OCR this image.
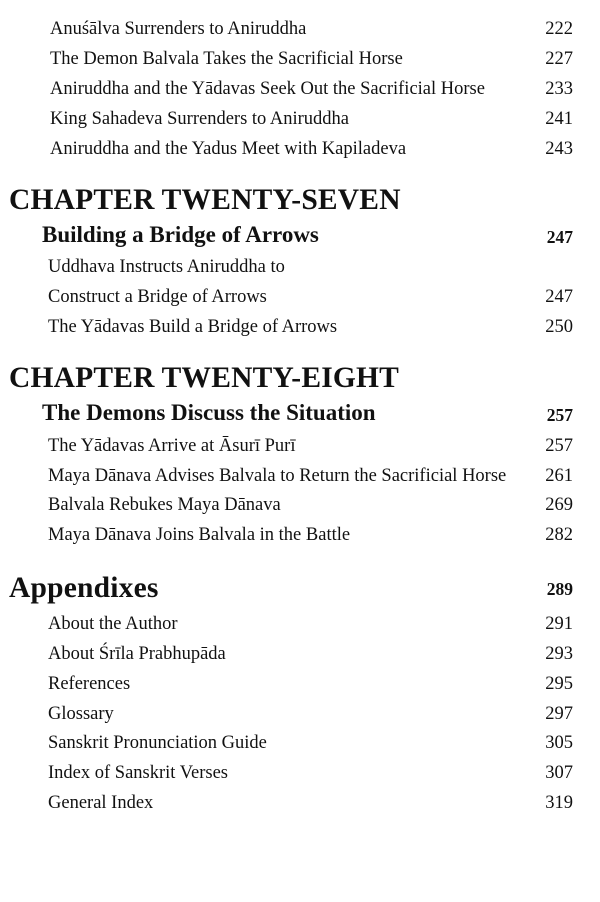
Anuśālva Surrenders to Aniruddha	222
The Demon Balvala Takes the Sacrificial Horse	227
Aniruddha and the Yādavas Seek Out the Sacrificial Horse	233
King Sahadeva Surrenders to Aniruddha	241
Aniruddha and the Yadus Meet with Kapiladeva	243
CHAPTER TWENTY-SEVEN
Building a Bridge of Arrows	247
Uddhava Instructs Aniruddha to
Construct a Bridge of Arrows	247
The Yādavas Build a Bridge of Arrows	250
CHAPTER TWENTY-EIGHT
The Demons Discuss the Situation	257
The Yādavas Arrive at Āsurī Purī	257
Maya Dānava Advises Balvala to Return the Sacrificial Horse 261
Balvala Rebukes Maya Dānava	269
Maya Dānava Joins Balvala in the Battle	282
Appendixes	289
About the Author	291
About Śrīla Prabhupāda	293
References	295
Glossary	297
Sanskrit Pronunciation Guide	305
Index of Sanskrit Verses	307
General Index	319
